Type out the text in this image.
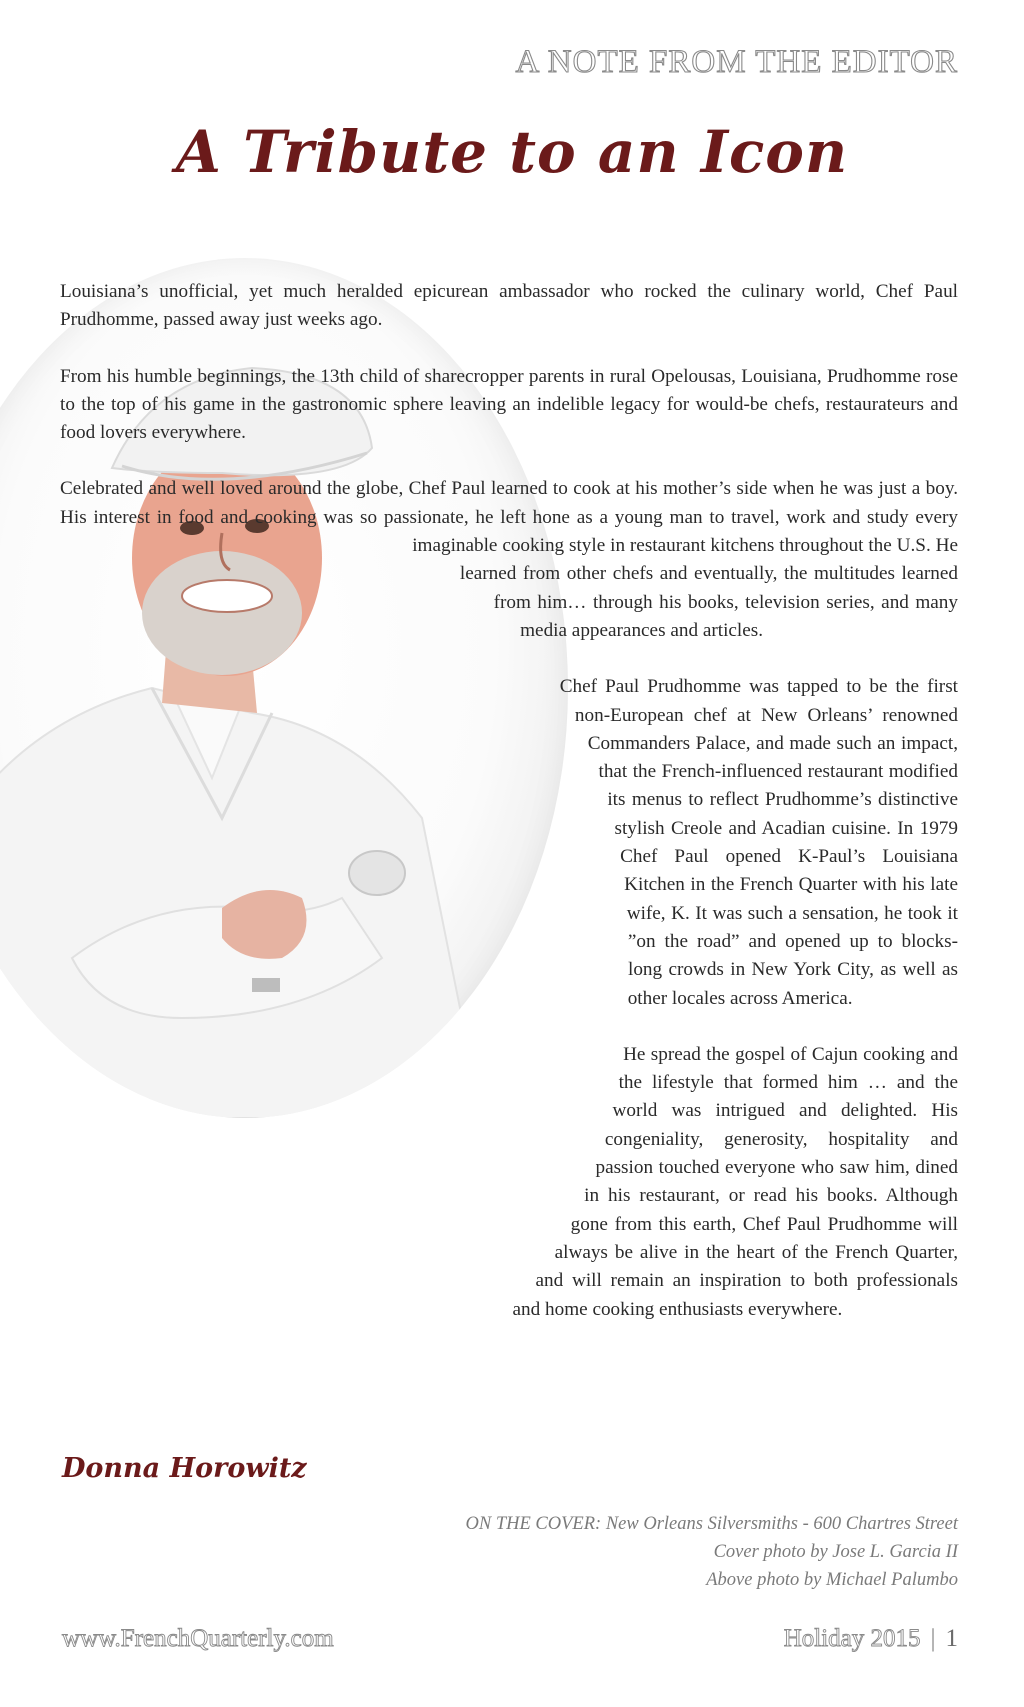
A NOTE FROM THE EDITOR
A Tribute to an Icon

Louisiana’s unofficial, yet much heralded epicurean ambassador who rocked the culinary world, Chef Paul Prudhomme, passed away just weeks ago.

From his humble beginnings, the 13th child of sharecropper parents in rural Opelousas, Louisiana, Prudhomme rose to the top of his game in the gastronomic sphere leaving an indelible legacy for would-be chefs, restaurateurs and food lovers everywhere.

Celebrated and well loved around the globe, Chef Paul learned to cook at his mother’s side when he was just a boy. His interest in food and cooking was so passionate, he left hone as a young man to travel, work and study every imaginable cooking style in restaurant kitchens throughout the U.S. He learned from other chefs and eventually, the multitudes learned from him… through his books, television series, and many media appearances and articles.

Chef Paul Prudhomme was tapped to be the first non-European chef at New Orleans’ renowned Commanders Palace, and made such an impact, that the French-influenced restaurant modified its menus to reflect Prudhomme’s distinctive stylish Creole and Acadian cuisine. In 1979 Chef Paul opened K-Paul’s Louisiana Kitchen in the French Quarter with his late wife, K. It was such a sensation, he took it ”on the road” and opened up to blocks-long crowds in New York City, as well as other locales across America.

He spread the gospel of Cajun cooking and the lifestyle that formed him … and the world was intrigued and delighted. His congeniality, generosity, hospitality and passion touched everyone who saw him, dined in his restaurant, or read his books. Although gone from this earth, Chef Paul Prudhomme will always be alive in the heart of the French Quarter, and will remain an inspiration to both professionals and home cooking enthusiasts everywhere.

Donna Horowitz
ON THE COVER: New Orleans Silversmiths - 600 Chartres Street
Cover photo by Jose L. Garcia II
Above photo by Michael Palumbo
www.FrenchQuarterly.com	Holiday 2015 | 1
